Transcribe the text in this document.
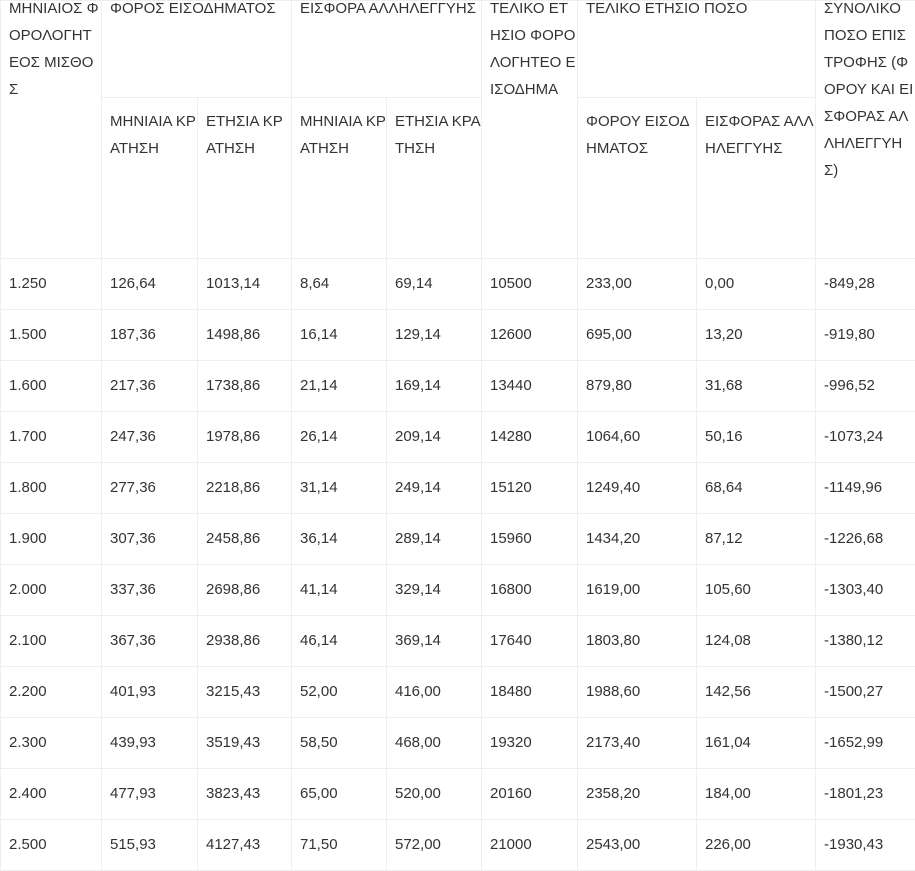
ΜΗΝΙΑΙΟΣ ΦΟΡΟΛΟΓΗΤΕΟΣ ΜΙΣΘΟΣ	ΦΟΡΟΣ ΕΙΣΟΔΗΜΑΤΟΣ		ΕΙΣΦΟΡΑ ΑΛΛΗΛΕΓΓΥΗΣ		ΤΕΛΙΚΟ ΕΤΗΣΙΟ ΦΟΡΟΛΟΓΗΤΕΟ ΕΙΣΟΔΗΜΑ	ΤΕΛΙΚΟ ΕΤΗΣΙΟ ΠΟΣΟ		ΣΥΝΟΛΙΚΟ ΠΟΣΟ ΕΠΙΣΤΡΟΦΗΣ (ΦΟΡΟΥ ΚΑΙ ΕΙΣΦΟΡΑΣ ΑΛΛΗΛΕΓΓΥΗΣ)

	ΜΗΝΙΑΙΑ ΚΡΑΤΗΣΗ	ΕΤΗΣΙΑ ΚΡΑΤΗΣΗ	ΜΗΝΙΑΙΑ ΚΡΑΤΗΣΗ	ΕΤΗΣΙΑ ΚΡΑΤΗΣΗ		ΦΟΡΟΥ ΕΙΣΟΔΗΜΑΤΟΣ	ΕΙΣΦΟΡΑΣ ΑΛΛΗΛΕΓΓΥΗΣ	
1.250	126,64	1013,14	8,64	69,14	10500	233,00	0,00	-849,28
1.500	187,36	1498,86	16,14	129,14	12600	695,00	13,20	-919,80
1.600	217,36	1738,86	21,14	169,14	13440	879,80	31,68	-996,52
1.700	247,36	1978,86	26,14	209,14	14280	1064,60	50,16	-1073,24
1.800	277,36	2218,86	31,14	249,14	15120	1249,40	68,64	-1149,96
1.900	307,36	2458,86	36,14	289,14	15960	1434,20	87,12	-1226,68
2.000	337,36	2698,86	41,14	329,14	16800	1619,00	105,60	-1303,40
2.100	367,36	2938,86	46,14	369,14	17640	1803,80	124,08	-1380,12
2.200	401,93	3215,43	52,00	416,00	18480	1988,60	142,56	-1500,27
2.300	439,93	3519,43	58,50	468,00	19320	2173,40	161,04	-1652,99
2.400	477,93	3823,43	65,00	520,00	20160	2358,20	184,00	-1801,23
2.500	515,93	4127,43	71,50	572,00	21000	2543,00	226,00	-1930,43
